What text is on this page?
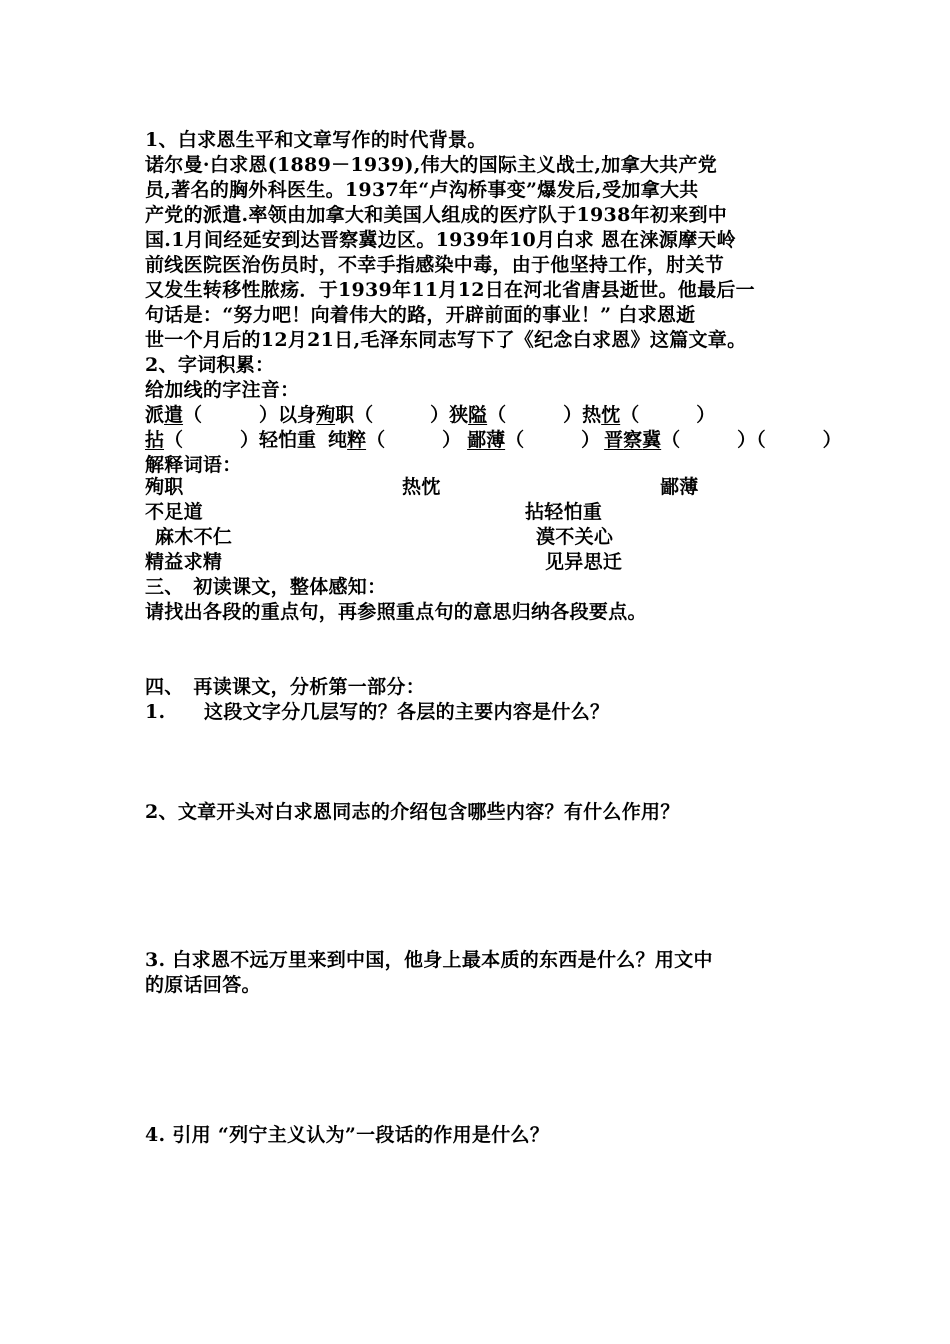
1、白求恩生平和文章写作的时代背景。
诺尔曼·白求恩(1889－1939),伟大的国际主义战士,加拿大共产党
员,著名的胸外科医生。1937年“卢沟桥事变”爆发后,受加拿大共
产党的派遣.率领由加拿大和美国人组成的医疗队于1938年初来到中
国.1月间经延安到达晋察冀边区。1939年10月白求 恩在涞源摩天岭
前线医院医治伤员时，不幸手指感染中毒，由于他坚持工作，肘关节
又发生转移性脓疡．于1939年11月12日在河北省唐县逝世。他最后一
句话是：“努力吧！向着伟大的路，开辟前面的事业！” 白求恩逝
世一个月后的12月21日,毛泽东同志写下了《纪念白求恩》这篇文章。
2、字词积累：
给加线的字注音：
派遣（　　　）以身殉职（　　　）狭隘（　　　）热忱（　　　）
拈（　　　）轻怕重 纯粹（　　　） 鄙薄（　　　） 晋察冀（　　　）（　　　）
解释词语：
殉职	热忱	鄙薄
不足道	拈轻怕重
麻木不仁	漠不关心
精益求精	见异思迁
三、　初读课文，整体感知：
请找出各段的重点句，再参照重点句的意思归纳各段要点。
四、　再读课文，分析第一部分：
1.　　这段文字分几层写的？各层的主要内容是什么？
2、文章开头对白求恩同志的介绍包含哪些内容？有什么作用？
3. 白求恩不远万里来到中国，他身上最本质的东西是什么？用文中
的原话回答。
4. 引用 “列宁主义认为”一段话的作用是什么？
